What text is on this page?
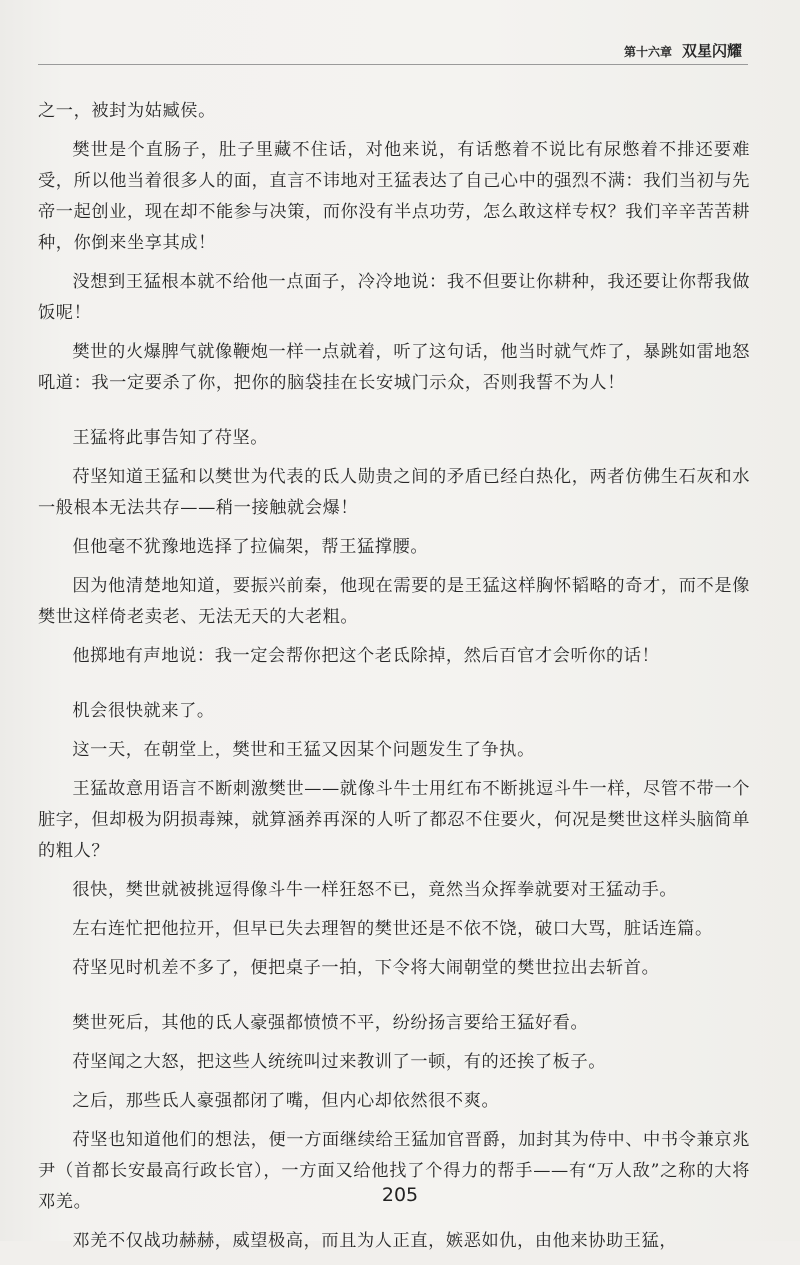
第十六章 双星闪耀

之一，被封为姑臧侯。

樊世是个直肠子，肚子里藏不住话，对他来说，有话憋着不说比有尿憋着不排还要难受，所以他当着很多人的面，直言不讳地对王猛表达了自己心中的强烈不满：我们当初与先帝一起创业，现在却不能参与决策，而你没有半点功劳，怎么敢这样专权？我们辛辛苦苦耕种，你倒来坐享其成！

没想到王猛根本就不给他一点面子，冷冷地说：我不但要让你耕种，我还要让你帮我做饭呢！

樊世的火爆脾气就像鞭炮一样一点就着，听了这句话，他当时就气炸了，暴跳如雷地怒吼道：我一定要杀了你，把你的脑袋挂在长安城门示众，否则我誓不为人！

王猛将此事告知了苻坚。

苻坚知道王猛和以樊世为代表的氐人勋贵之间的矛盾已经白热化，两者仿佛生石灰和水一般根本无法共存——稍一接触就会爆！

但他毫不犹豫地选择了拉偏架，帮王猛撑腰。

因为他清楚地知道，要振兴前秦，他现在需要的是王猛这样胸怀韬略的奇才，而不是像樊世这样倚老卖老、无法无天的大老粗。

他掷地有声地说：我一定会帮你把这个老氐除掉，然后百官才会听你的话！

机会很快就来了。

这一天，在朝堂上，樊世和王猛又因某个问题发生了争执。

王猛故意用语言不断刺激樊世——就像斗牛士用红布不断挑逗斗牛一样，尽管不带一个脏字，但却极为阴损毒辣，就算涵养再深的人听了都忍不住要火，何况是樊世这样头脑简单的粗人？

很快，樊世就被挑逗得像斗牛一样狂怒不已，竟然当众挥拳就要对王猛动手。

左右连忙把他拉开，但早已失去理智的樊世还是不依不饶，破口大骂，脏话连篇。

苻坚见时机差不多了，便把桌子一拍，下令将大闹朝堂的樊世拉出去斩首。

樊世死后，其他的氐人豪强都愤愤不平，纷纷扬言要给王猛好看。

苻坚闻之大怒，把这些人统统叫过来教训了一顿，有的还挨了板子。

之后，那些氐人豪强都闭了嘴，但内心却依然很不爽。

苻坚也知道他们的想法，便一方面继续给王猛加官晋爵，加封其为侍中、中书令兼京兆尹（首都长安最高行政长官），一方面又给他找了个得力的帮手——有“万人敌”之称的大将邓羌。

邓羌不仅战功赫赫，威望极高，而且为人正直，嫉恶如仇，由他来协助王猛，

205
